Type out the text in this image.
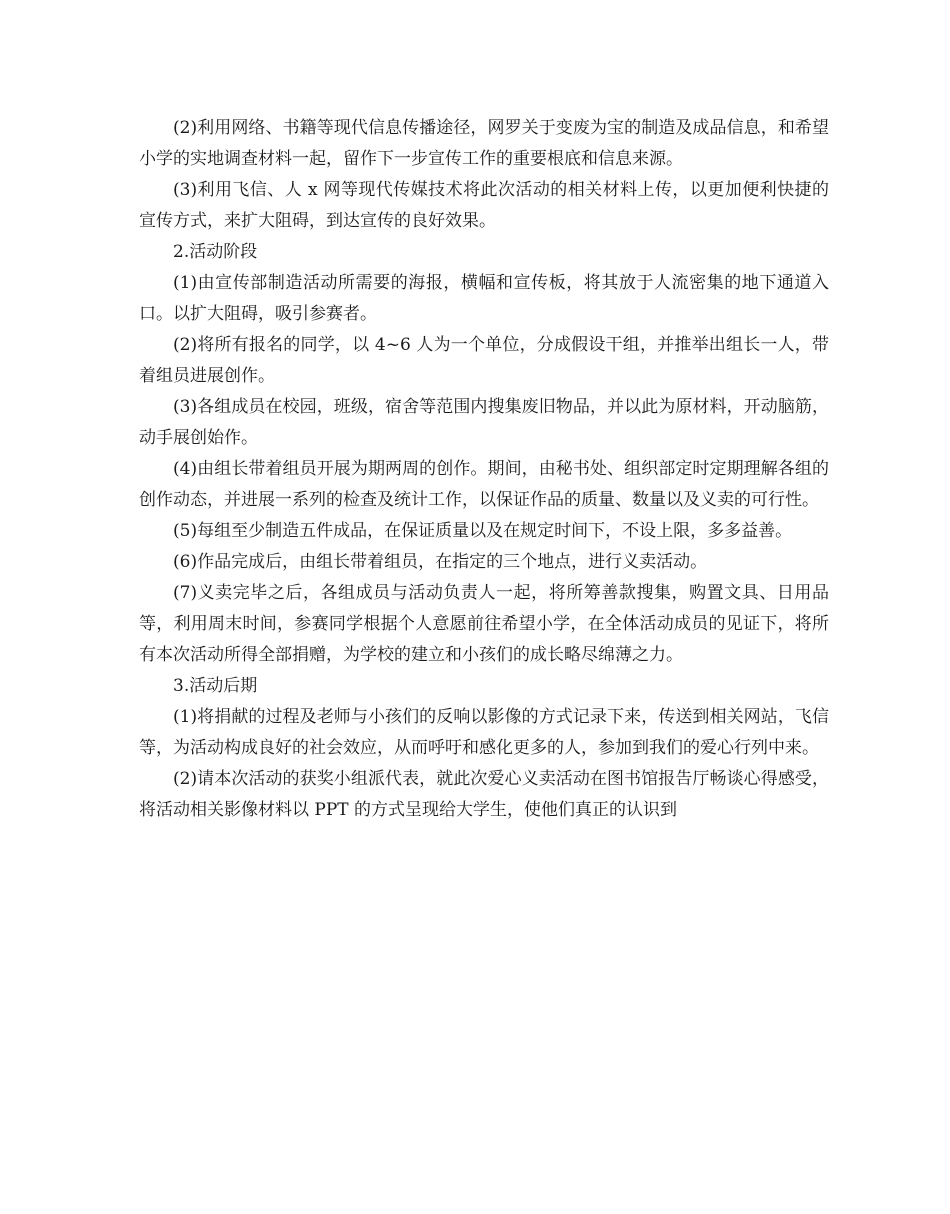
(2)利用网络、书籍等现代信息传播途径，网罗关于变废为宝的制造及成品信息，和希望小学的实地调查材料一起，留作下一步宣传工作的重要根底和信息来源。

(3)利用飞信、人 x 网等现代传媒技术将此次活动的相关材料上传，以更加便利快捷的宣传方式，来扩大阻碍，到达宣传的良好效果。

2.活动阶段

(1)由宣传部制造活动所需要的海报，横幅和宣传板，将其放于人流密集的地下通道入口。以扩大阻碍，吸引参赛者。

(2)将所有报名的同学，以 4~6 人为一个单位，分成假设干组，并推举出组长一人，带着组员进展创作。

(3)各组成员在校园，班级，宿舍等范围内搜集废旧物品，并以此为原材料，开动脑筋，动手展创始作。

(4)由组长带着组员开展为期两周的创作。期间，由秘书处、组织部定时定期理解各组的创作动态，并进展一系列的检查及统计工作，以保证作品的质量、数量以及义卖的可行性。

(5)每组至少制造五件成品，在保证质量以及在规定时间下，不设上限，多多益善。

(6)作品完成后，由组长带着组员，在指定的三个地点，进行义卖活动。

(7)义卖完毕之后，各组成员与活动负责人一起，将所筹善款搜集，购置文具、日用品等，利用周末时间，参赛同学根据个人意愿前往希望小学，在全体活动成员的见证下，将所有本次活动所得全部捐赠，为学校的建立和小孩们的成长略尽绵薄之力。

3.活动后期

(1)将捐献的过程及老师与小孩们的反响以影像的方式记录下来，传送到相关网站，飞信等，为活动构成良好的社会效应，从而呼吁和感化更多的人，参加到我们的爱心行列中来。

(2)请本次活动的获奖小组派代表，就此次爱心义卖活动在图书馆报告厅畅谈心得感受，将活动相关影像材料以 PPT 的方式呈现给大学生，使他们真正的认识到
